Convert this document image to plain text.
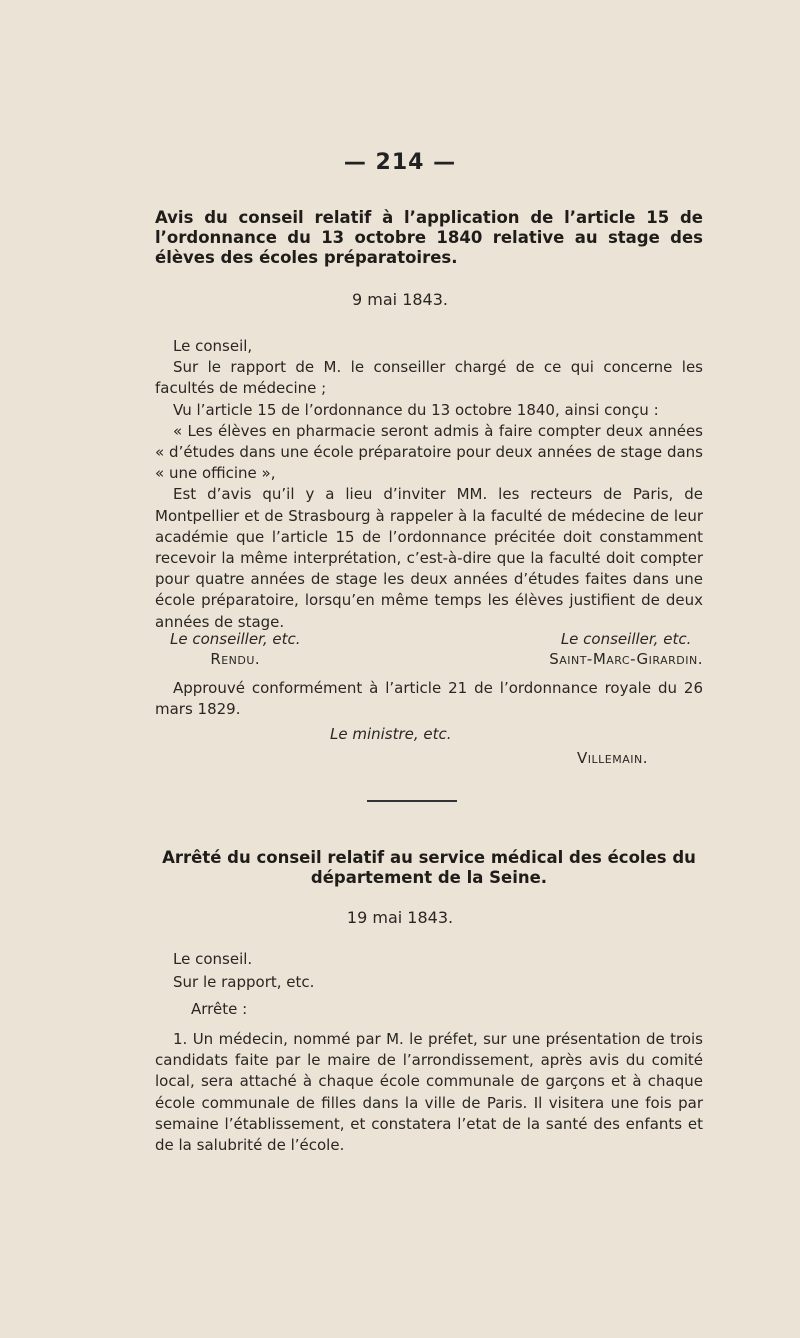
— 214 —
Avis du conseil relatif à l’application de l’article 15 de l’ordonnance du 13 octobre 1840 relative au stage des élèves des écoles préparatoires.
9 mai 1843.

Le conseil,

Sur le rapport de M. le conseiller chargé de ce qui concerne les facultés de médecine ;

Vu l’article 15 de l’ordonnance du 13 octobre 1840, ainsi conçu :

« Les élèves en pharmacie seront admis à faire compter deux années « d’études dans une école préparatoire pour deux années de stage dans « une officine »,

Est d’avis qu’il y a lieu d’inviter MM. les recteurs de Paris, de Montpellier et de Strasbourg à rappeler à la faculté de médecine de leur académie que l’article 15 de l’ordonnance précitée doit constamment recevoir la même interprétation, c’est-à-dire que la faculté doit compter pour quatre années de stage les deux années d’études faites dans une école préparatoire, lorsqu’en même temps les élèves justifient de deux années de stage.

Le conseiller, etc.
Rendu.
Le conseiller, etc.
Saint-Marc-Girardin.

Approuvé conformément à l’article 21 de l’ordonnance royale du 26 mars 1829.

Le ministre, etc.
Villemain.
Arrêté du conseil relatif au service médical des écoles du département de la Seine.
19 mai 1843.
Le conseil.
Sur le rapport, etc.
Arrête :

1. Un médecin, nommé par M. le préfet, sur une présentation de trois candidats faite par le maire de l’arrondissement, après avis du comité local, sera attaché à chaque école communale de garçons et à chaque école communale de filles dans la ville de Paris. Il visitera une fois par semaine l’établissement, et constatera l’etat de la santé des enfants et de la salubrité de l’école.
